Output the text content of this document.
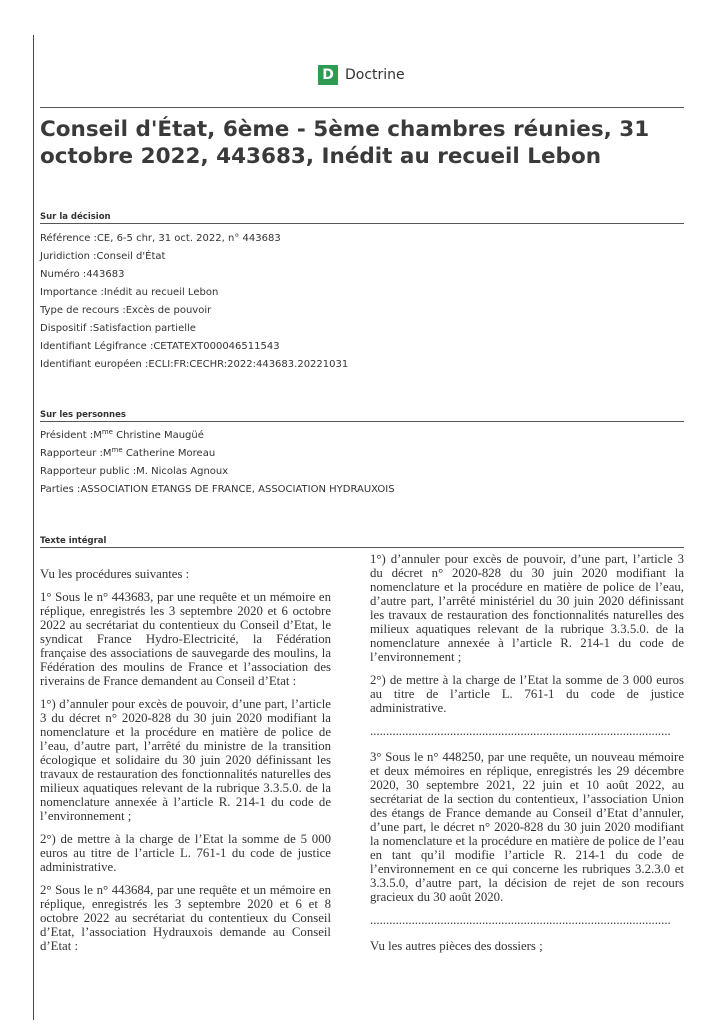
D Doctrine
Conseil d'État, 6ème - 5ème chambres réunies, 31 octobre 2022, 443683, Inédit au recueil Lebon
Sur la décision
Référence :CE, 6-5 chr, 31 oct. 2022, n° 443683
Juridiction :Conseil d'État
Numéro :443683
Importance :Inédit au recueil Lebon
Type de recours :Excès de pouvoir
Dispositif :Satisfaction partielle
Identifiant Légifrance :CETATEXT000046511543
Identifiant européen :ECLI:FR:CECHR:2022:443683.20221031
Sur les personnes
Président $:M^{me}$ Christine Maugüé
Rapporteur $:M^{me}$ Catherine Moreau
Rapporteur public :M. Nicolas Agnoux
Parties :ASSOCIATION ETANGS DE FRANCE, ASSOCIATION HYDRAUXOIS
Texte intégral

Vu les procédures suivantes :

1° Sous le n° 443683, par une requête et un mémoire en réplique, enregistrés les 3 septembre 2020 et 6 octobre 2022 au secrétariat du contentieux du Conseil d’Etat, le syndicat France Hydro-Electricité, la Fédération française des associations de sauvegarde des moulins, la Fédération des moulins de France et l’association des riverains de France demandent au Conseil d’Etat :

1°) d’annuler pour excès de pouvoir, d’une part, l’article 3 du décret n° 2020-828 du 30 juin 2020 modifiant la nomenclature et la procédure en matière de police de l’eau, d’autre part, l’arrêté du ministre de la transition écologique et solidaire du 30 juin 2020 définissant les travaux de restauration des fonctionnalités naturelles des milieux aquatiques relevant de la rubrique 3.3.5.0. de la nomenclature annexée à l’article R. 214-1 du code de l’environnement ;

2°) de mettre à la charge de l’Etat la somme de 5 000 euros au titre de l’article L. 761-1 du code de justice administrative.

2° Sous le n° 443684, par une requête et un mémoire en réplique, enregistrés les 3 septembre 2020 et 6 et 8 octobre 2022 au secrétariat du contentieux du Conseil d’Etat, l’association Hydrauxois demande au Conseil d’Etat :

1°) d’annuler pour excès de pouvoir, d’une part, l’article 3 du décret n° 2020-828 du 30 juin 2020 modifiant la nomenclature et la procédure en matière de police de l’eau, d’autre part, l’arrêté ministériel du 30 juin 2020 définissant les travaux de restauration des fonctionnalités naturelles des milieux aquatiques relevant de la rubrique 3.3.5.0. de la nomenclature annexée à l’article R. 214-1 du code de l’environnement ;

2°) de mettre à la charge de l’Etat la somme de 3 000 euros au titre de l’article L. 761-1 du code de justice administrative.

..............................................................................................

3° Sous le n° 448250, par une requête, un nouveau mémoire et deux mémoires en réplique, enregistrés les 29 décembre 2020, 30 septembre 2021, 22 juin et 10 août 2022, au secrétariat de la section du contentieux, l’association Union des étangs de France demande au Conseil d’Etat d’annuler, d’une part, le décret n° 2020-828 du 30 juin 2020 modifiant la nomenclature et la procédure en matière de police de l’eau en tant qu’il modifie l’article R. 214-1 du code de l’environnement en ce qui concerne les rubriques 3.2.3.0 et 3.3.5.0, d’autre part, la décision de rejet de son recours gracieux du 30 août 2020.

..............................................................................................

Vu les autres pièces des dossiers ;
